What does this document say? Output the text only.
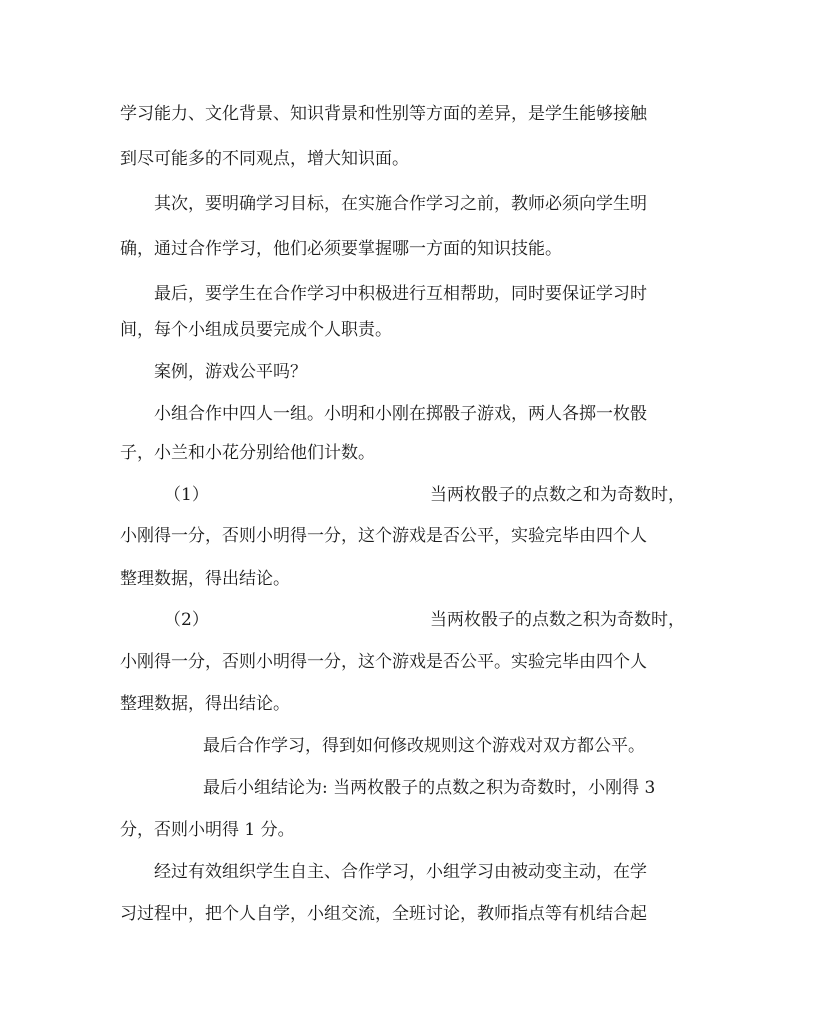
学习能力、文化背景、知识背景和性别等方面的差异，是学生能够接触
到尽可能多的不同观点，增大知识面。
其次，要明确学习目标，在实施合作学习之前，教师必须向学生明
确，通过合作学习，他们必须要掌握哪一方面的知识技能。
最后，要学生在合作学习中积极进行互相帮助，同时要保证学习时
间，每个小组成员要完成个人职责。
案例，游戏公平吗？
小组合作中四人一组。小明和小刚在掷骰子游戏，两人各掷一枚骰
子，小兰和小花分别给他们计数。
（1）	当两枚骰子的点数之和为奇数时，
小刚得一分，否则小明得一分，这个游戏是否公平，实验完毕由四个人
整理数据，得出结论。
（2）	当两枚骰子的点数之积为奇数时，
小刚得一分，否则小明得一分，这个游戏是否公平。实验完毕由四个人
整理数据，得出结论。
最后合作学习，得到如何修改规则这个游戏对双方都公平。
最后小组结论为: 当两枚骰子的点数之积为奇数时，小刚得 3
分，否则小明得 1 分。
经过有效组织学生自主、合作学习，小组学习由被动变主动，在学
习过程中，把个人自学，小组交流，全班讨论，教师指点等有机结合起
